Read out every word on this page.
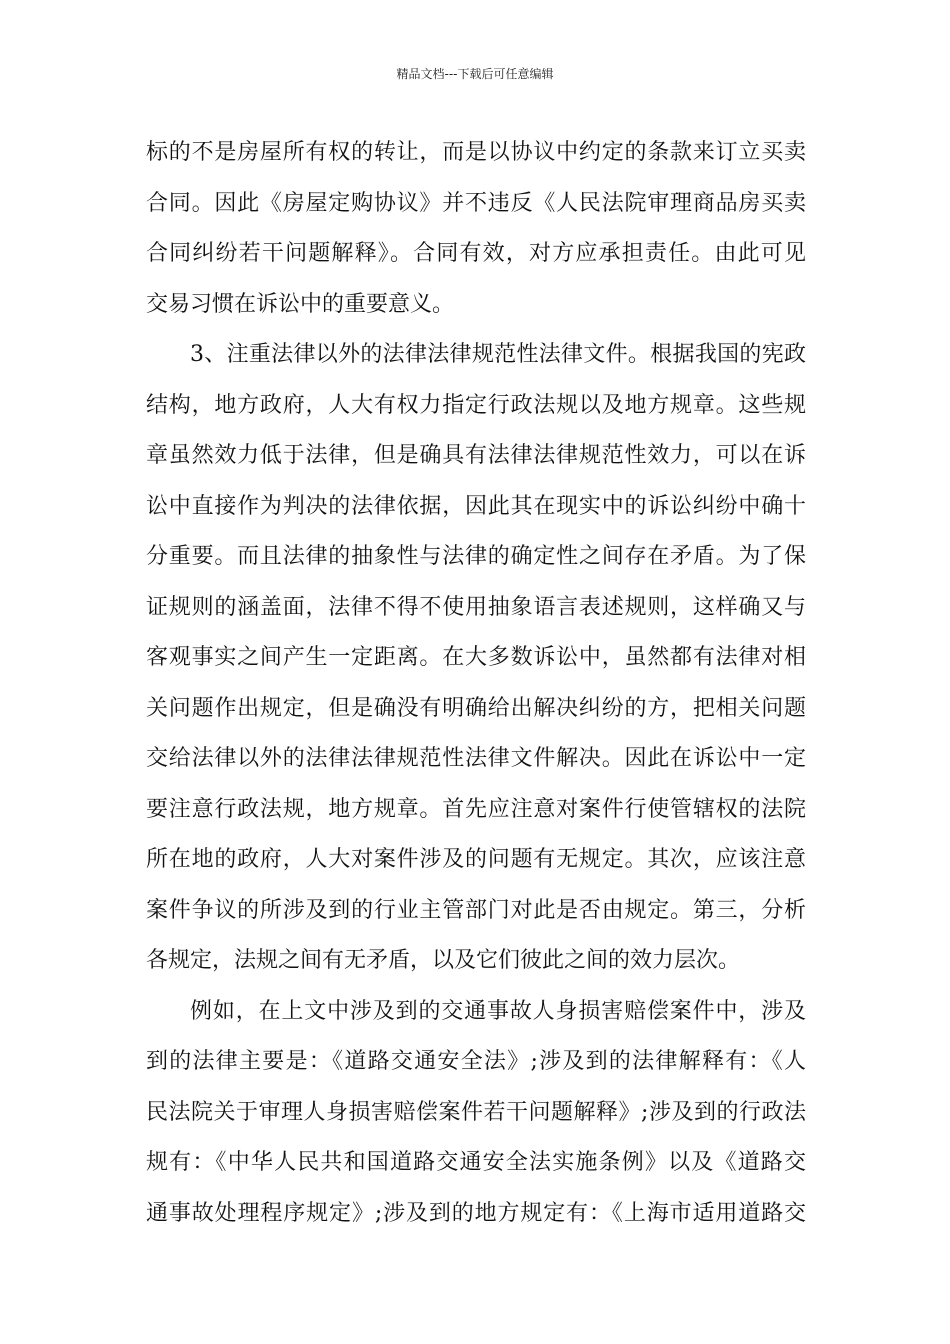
精品文档---下载后可任意编辑
标的不是房屋所有权的转让，而是以协议中约定的条款来订立买卖
合同。因此《房屋定购协议》并不违反《人民法院审理商品房买卖
合同纠纷若干问题解释》。合同有效，对方应承担责任。由此可见
交易习惯在诉讼中的重要意义。
3、注重法律以外的法律法律规范性法律文件。根据我国的宪政
结构，地方政府，人大有权力指定行政法规以及地方规章。这些规
章虽然效力低于法律，但是确具有法律法律规范性效力，可以在诉
讼中直接作为判决的法律依据，因此其在现实中的诉讼纠纷中确十
分重要。而且法律的抽象性与法律的确定性之间存在矛盾。为了保
证规则的涵盖面，法律不得不使用抽象语言表述规则，这样确又与
客观事实之间产生一定距离。在大多数诉讼中，虽然都有法律对相
关问题作出规定，但是确没有明确给出解决纠纷的方，把相关问题
交给法律以外的法律法律规范性法律文件解决。因此在诉讼中一定
要注意行政法规，地方规章。首先应注意对案件行使管辖权的法院
所在地的政府，人大对案件涉及的问题有无规定。其次，应该注意
案件争议的所涉及到的行业主管部门对此是否由规定。第三，分析
各规定，法规之间有无矛盾，以及它们彼此之间的效力层次。
例如，在上文中涉及到的交通事故人身损害赔偿案件中，涉及
到的法律主要是：《道路交通安全法》;涉及到的法律解释有：《人
民法院关于审理人身损害赔偿案件若干问题解释》;涉及到的行政法
规有：《中华人民共和国道路交通安全法实施条例》以及《道路交
通事故处理程序规定》;涉及到的地方规定有：《上海市适用道路交
